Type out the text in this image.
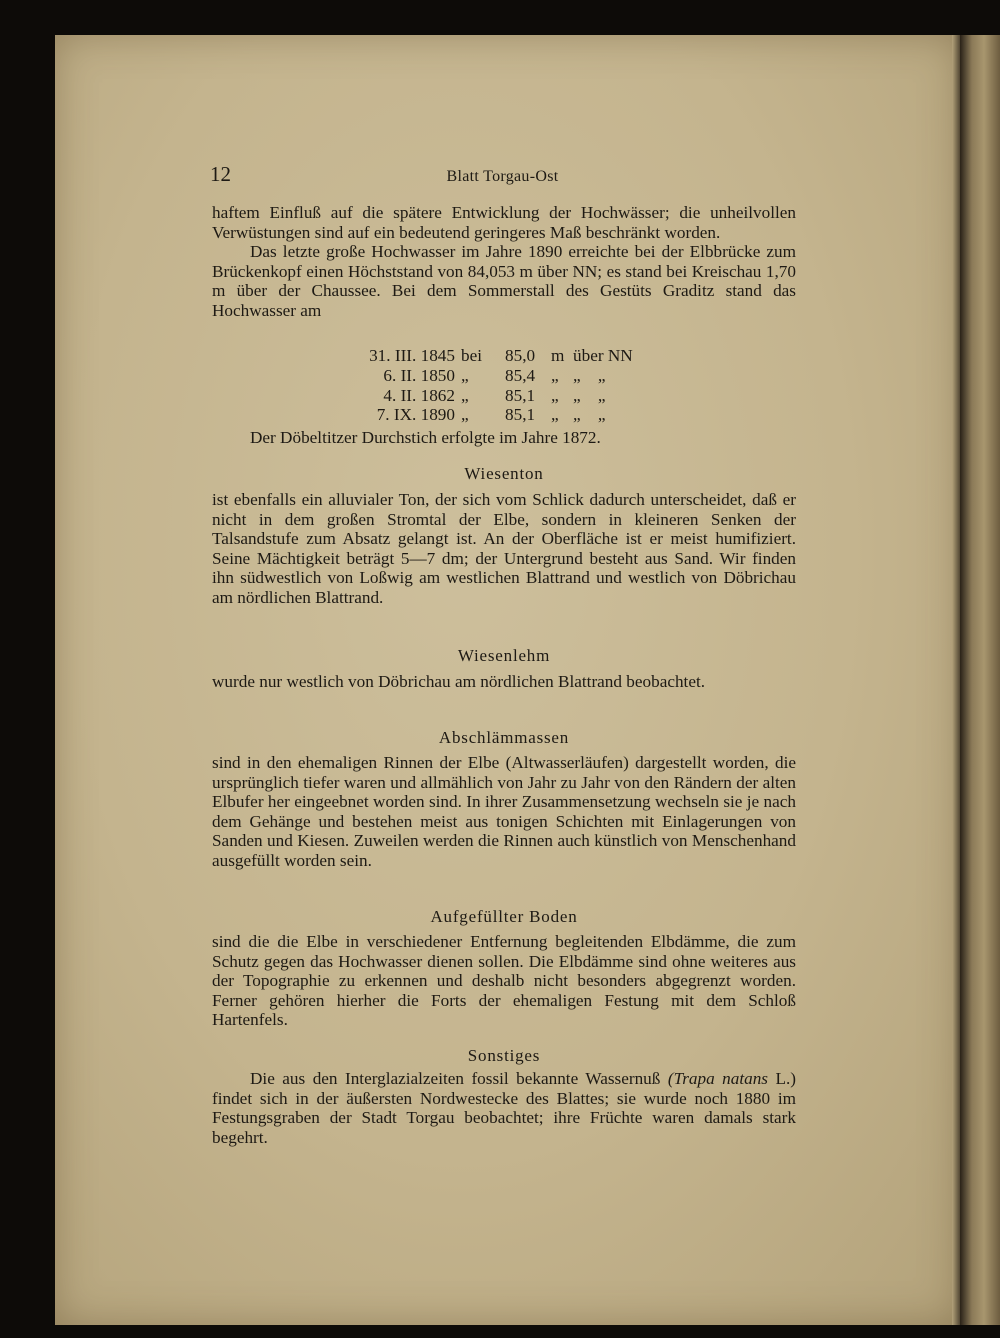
12	Blatt Torgau-Ost

haftem Einfluß auf die spätere Entwicklung der Hochwässer; die unheilvollen Verwüstungen sind auf ein bedeutend geringeres Maß beschränkt worden.

Das letzte große Hochwasser im Jahre 1890 erreichte bei der Elbbrücke zum Brückenkopf einen Höchststand von 84,053 m über NN; es stand bei Kreischau 1,70 m über der Chaussee. Bei dem Sommerstall des Gestüts Graditz stand das Hochwasser am

31. III. 1845 bei 85,0 m über NN
6. II. 1850 „ 85,4 „ „    „
4. II. 1862 „ 85,1 „ „    „
7. IX. 1890 „ 85,1 „ „    „
Der Döbeltitzer Durchstich erfolgte im Jahre 1872.
Wiesenton

ist ebenfalls ein alluvialer Ton, der sich vom Schlick dadurch unterscheidet, daß er nicht in dem großen Stromtal der Elbe, sondern in kleineren Senken der Talsandstufe zum Absatz gelangt ist. An der Oberfläche ist er meist humifiziert. Seine Mächtigkeit beträgt 5—7 dm; der Untergrund besteht aus Sand. Wir finden ihn südwestlich von Loßwig am westlichen Blattrand und westlich von Döbrichau am nördlichen Blattrand.

Wiesenlehm

wurde nur westlich von Döbrichau am nördlichen Blattrand beobachtet.

Abschlämmassen

sind in den ehemaligen Rinnen der Elbe (Altwasserläufen) dargestellt worden, die ursprünglich tiefer waren und allmählich von Jahr zu Jahr von den Rändern der alten Elbufer her eingeebnet worden sind. In ihrer Zusammensetzung wechseln sie je nach dem Gehänge und bestehen meist aus tonigen Schichten mit Einlagerungen von Sanden und Kiesen. Zuweilen werden die Rinnen auch künstlich von Menschenhand ausgefüllt worden sein.

Aufgefüllter Boden

sind die die Elbe in verschiedener Entfernung begleitenden Elbdämme, die zum Schutz gegen das Hochwasser dienen sollen. Die Elbdämme sind ohne weiteres aus der Topographie zu erkennen und deshalb nicht besonders abgegrenzt worden. Ferner gehören hierher die Forts der ehemaligen Festung mit dem Schloß Hartenfels.

Sonstiges

Die aus den Interglazialzeiten fossil bekannte Wassernuß (Trapa natans L.) findet sich in der äußersten Nordwestecke des Blattes; sie wurde noch 1880 im Festungsgraben der Stadt Torgau beobachtet; ihre Früchte waren damals stark begehrt.
